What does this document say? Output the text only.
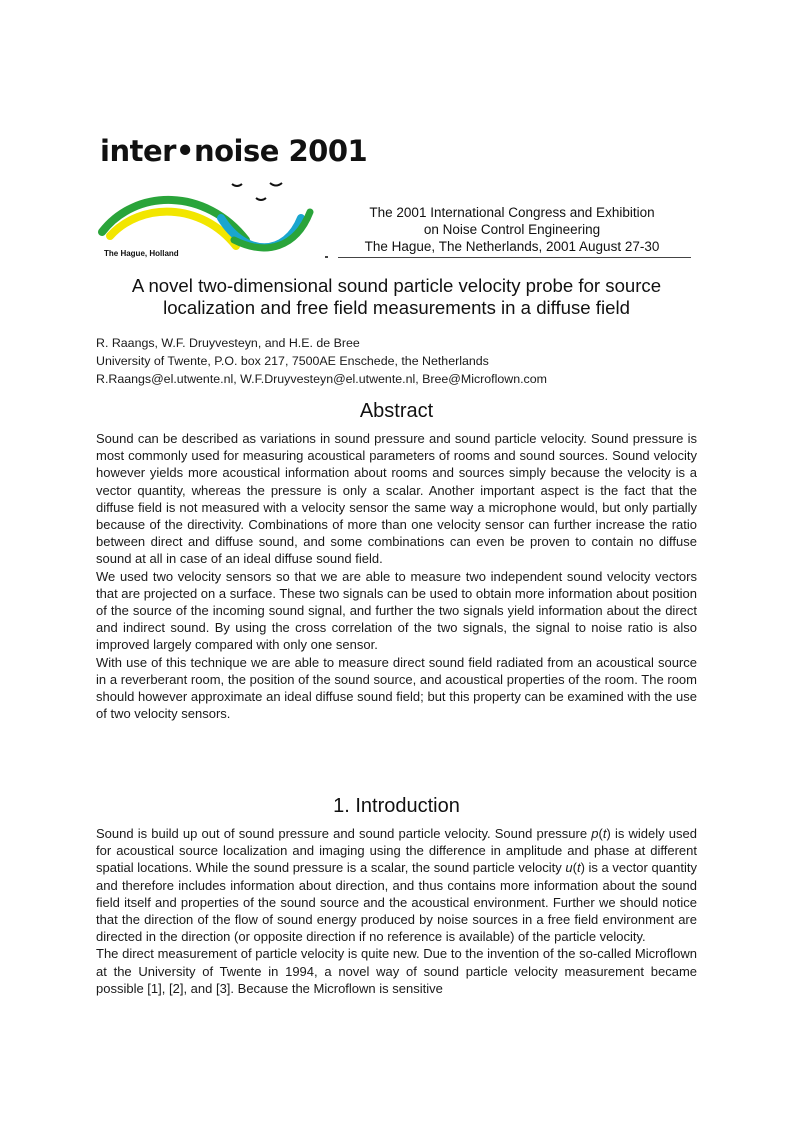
inter•noise 2001
The Hague, Holland
The 2001 International Congress and Exhibition
on Noise Control Engineering
The Hague, The Netherlands, 2001 August 27-30
A novel two-dimensional sound particle velocity probe for source
localization and free field measurements in a diffuse field
R. Raangs, W.F. Druyvesteyn, and H.E. de Bree
University of Twente, P.O. box 217, 7500AE Enschede, the Netherlands
R.Raangs@el.utwente.nl, W.F.Druyvesteyn@el.utwente.nl, Bree@Microflown.com
Abstract

Sound can be described as variations in sound pressure and sound particle velocity. Sound pressure is most commonly used for measuring acoustical parameters of rooms and sound sources. Sound velocity however yields more acoustical information about rooms and sources simply because the velocity is a vector quantity, whereas the pressure is only a scalar. Another important aspect is the fact that the diffuse field is not measured with a velocity sensor the same way a microphone would, but only partially because of the directivity. Combinations of more than one velocity sensor can further increase the ratio between direct and diffuse sound, and some combinations can even be proven to contain no diffuse sound at all in case of an ideal diffuse sound field.

We used two velocity sensors so that we are able to measure two independent sound velocity vectors that are projected on a surface. These two signals can be used to obtain more information about position of the source of the incoming sound signal, and further the two signals yield information about the direct and indirect sound. By using the cross correlation of the two signals, the signal to noise ratio is also improved largely compared with only one sensor.

With use of this technique we are able to measure direct sound field radiated from an acoustical source in a reverberant room, the position of the sound source, and acoustical properties of the room. The room should however approximate an ideal diffuse sound field; but this property can be examined with the use of two velocity sensors.

1. Introduction

Sound is build up out of sound pressure and sound particle velocity. Sound pressure p(t) is widely used for acoustical source localization and imaging using the difference in amplitude and phase at different spatial locations. While the sound pressure is a scalar, the sound particle velocity u(t) is a vector quantity and therefore includes information about direction, and thus contains more information about the sound field itself and properties of the sound source and the acoustical environment. Further we should notice that the direction of the flow of sound energy produced by noise sources in a free field environment are directed in the direction (or opposite direction if no reference is available) of the particle velocity.

The direct measurement of particle velocity is quite new. Due to the invention of the so-called Microflown at the University of Twente in 1994, a novel way of sound particle velocity measurement became possible [1], [2], and [3]. Because the Microflown is sensitive
